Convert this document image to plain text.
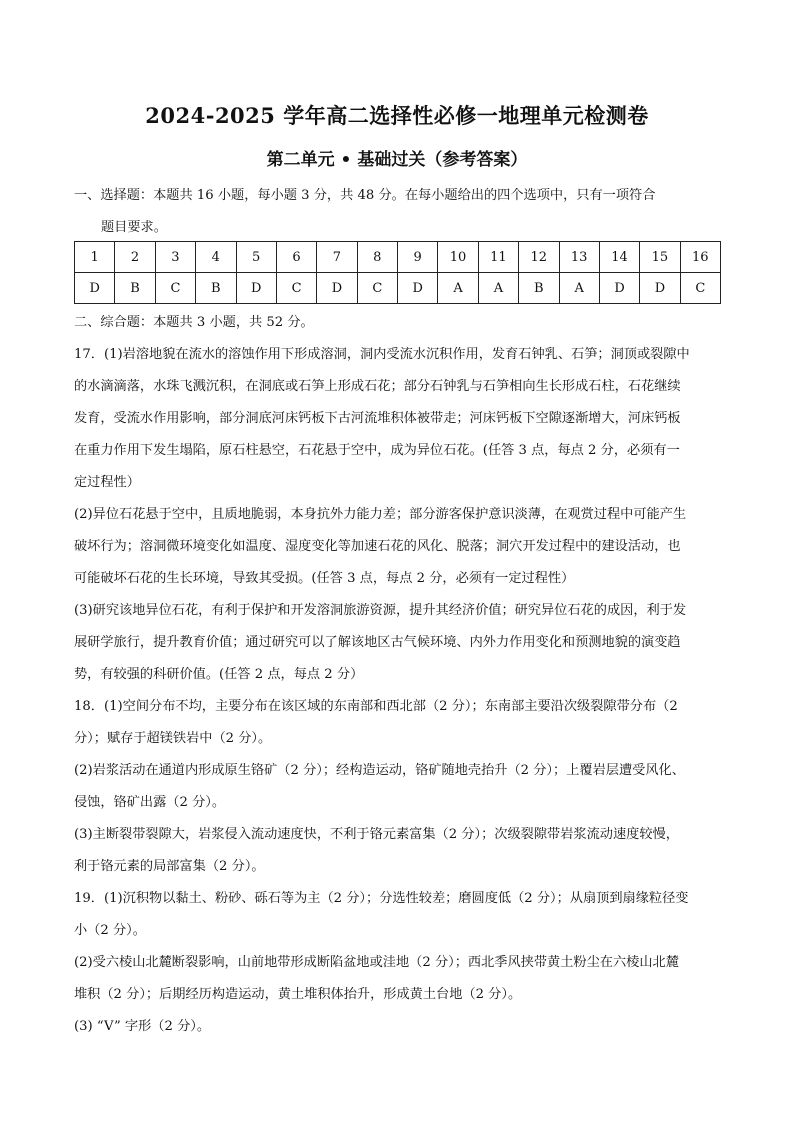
2024-2025 学年高二选择性必修一地理单元检测卷
第二单元 • 基础过关（参考答案）

一、选择题：本题共 16 小题，每小题 3 分，共 48 分。在每小题给出的四个选项中，只有一项符合

题目要求。

1	2	3	4	5	6	7	8	9	10	11	12	13	14	15	16
D	B	C	B	D	C	D	C	D	A	A	B	A	D	D	C

二、综合题：本题共 3 小题，共 52 分。

17．(1)岩溶地貌在流水的溶蚀作用下形成溶洞，洞内受流水沉积作用，发育石钟乳、石笋；洞顶或裂隙中

的水滴滴落，水珠飞溅沉积，在洞底或石笋上形成石花；部分石钟乳与石笋相向生长形成石柱，石花继续

发育，受流水作用影响，部分洞底河床钙板下古河流堆积体被带走；河床钙板下空隙逐渐增大，河床钙板

在重力作用下发生塌陷，原石柱悬空，石花悬于空中，成为异位石花。(任答 3 点，每点 2 分，必须有一

定过程性）

(2)异位石花悬于空中，且质地脆弱，本身抗外力能力差；部分游客保护意识淡薄，在观赏过程中可能产生

破坏行为；溶洞微环境变化如温度、湿度变化等加速石花的风化、脱落；洞穴开发过程中的建设活动，也

可能破坏石花的生长环境，导致其受损。(任答 3 点，每点 2 分，必须有一定过程性）

(3)研究该地异位石花，有利于保护和开发溶洞旅游资源，提升其经济价值；研究异位石花的成因，利于发

展研学旅行，提升教育价值；通过研究可以了解该地区古气候环境、内外力作用变化和预测地貌的演变趋

势，有较强的科研价值。(任答 2 点，每点 2 分）

18．(1)空间分布不均，主要分布在该区域的东南部和西北部（2 分）；东南部主要沿次级裂隙带分布（2

分）；赋存于超镁铁岩中（2 分）。

(2)岩浆活动在通道内形成原生铬矿（2 分）；经构造运动，铬矿随地壳抬升（2 分）；上覆岩层遭受风化、

侵蚀，铬矿出露（2 分）。

(3)主断裂带裂隙大，岩浆侵入流动速度快，不利于铬元素富集（2 分）；次级裂隙带岩浆流动速度较慢，

利于铬元素的局部富集（2 分）。

19．(1)沉积物以黏土、粉砂、砾石等为主（2 分）；分选性较差；磨圆度低（2 分）；从扇顶到扇缘粒径变

小（2 分）。

(2)受六棱山北麓断裂影响，山前地带形成断陷盆地或洼地（2 分）；西北季风挟带黄土粉尘在六棱山北麓

堆积（2 分）；后期经历构造运动，黄土堆积体抬升，形成黄土台地（2 分）。

(3) “V” 字形（2 分）。
